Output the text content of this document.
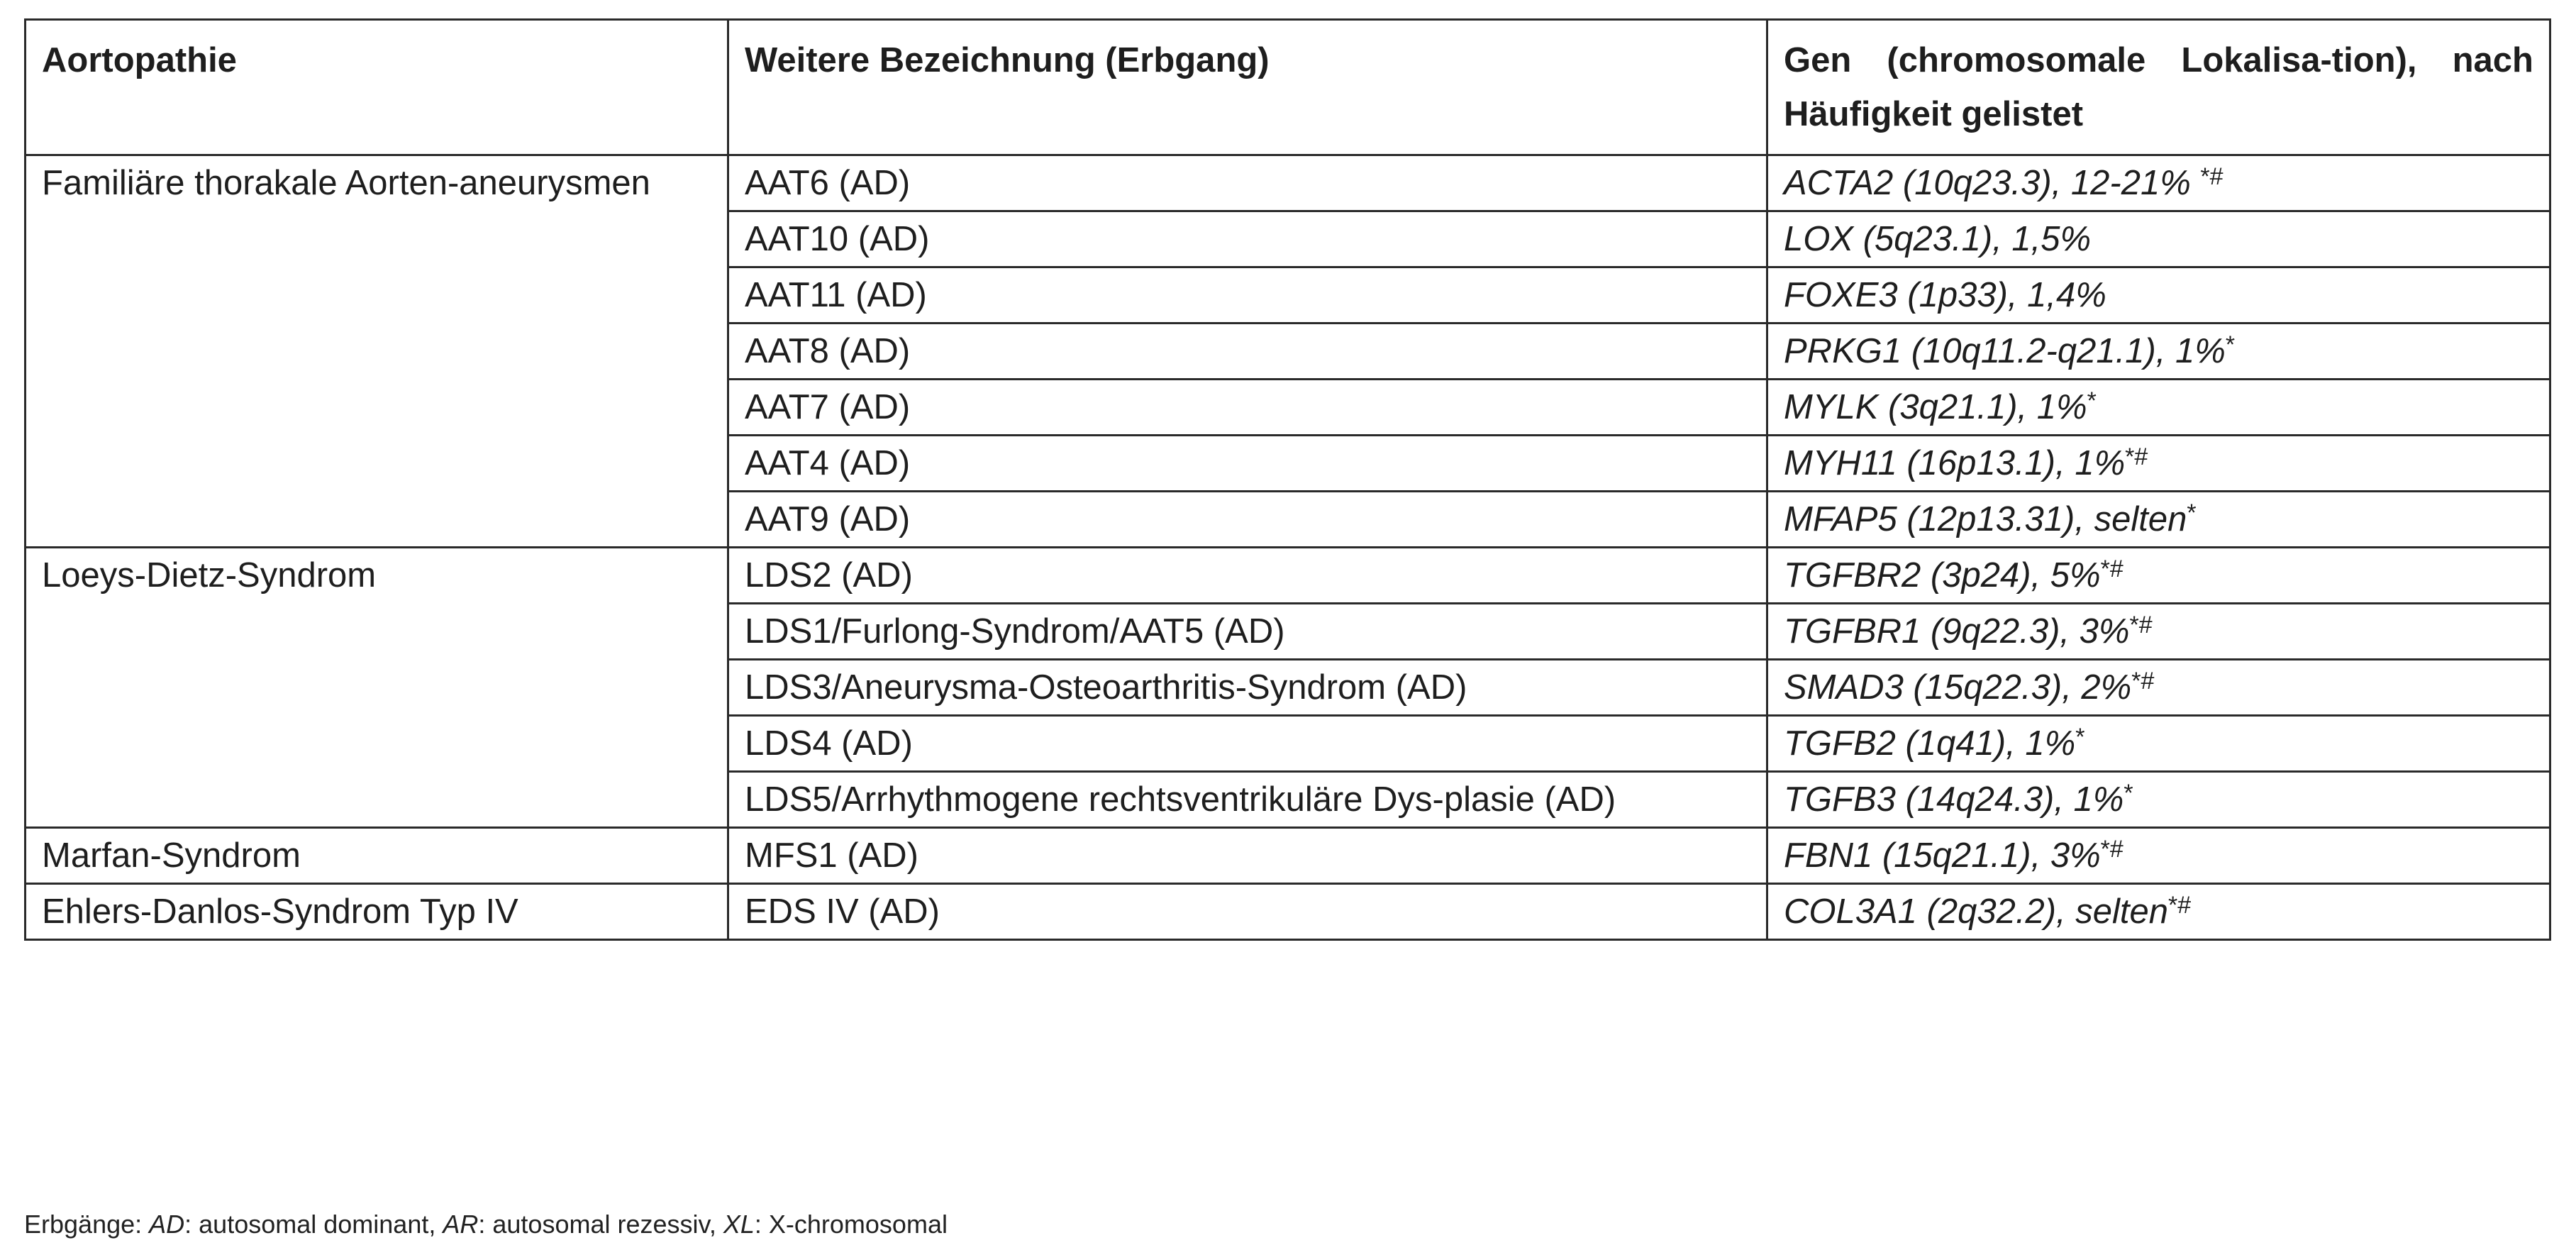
Aortopathie	Weitere Bezeichnung (Erbgang)	Gen (chromosomale Lokalisa-tion), nach Häufigkeit gelistet
Familiäre thorakale Aorten-aneurysmen	AAT6 (AD)	ACTA2 (10q23.3), 12-21% *#
	AAT10 (AD)	LOX (5q23.1), 1,5%
	AAT11 (AD)	FOXE3 (1p33), 1,4%
	AAT8 (AD)	PRKG1 (10q11.2-q21.1), 1%*
	AAT7 (AD)	MYLK (3q21.1), 1%*
	AAT4 (AD)	MYH11 (16p13.1), 1%*#
	AAT9 (AD)	MFAP5 (12p13.31), selten*
Loeys-Dietz-Syndrom	LDS2 (AD)	TGFBR2 (3p24), 5%*#
	LDS1/Furlong-Syndrom/AAT5 (AD)	TGFBR1 (9q22.3), 3%*#
	LDS3/Aneurysma-Osteoarthritis-Syndrom (AD)	SMAD3 (15q22.3), 2%*#
	LDS4 (AD)	TGFB2 (1q41), 1%*
	LDS5/Arrhythmogene rechtsventrikuläre Dys-plasie (AD)	TGFB3 (14q24.3), 1%*
Marfan-Syndrom	MFS1 (AD)	FBN1 (15q21.1), 3%*#
Ehlers-Danlos-Syndrom Typ IV	EDS IV (AD)	COL3A1 (2q32.2), selten*#
Erbgänge: AD: autosomal dominant, AR: autosomal rezessiv, XL: X-chromosomal
